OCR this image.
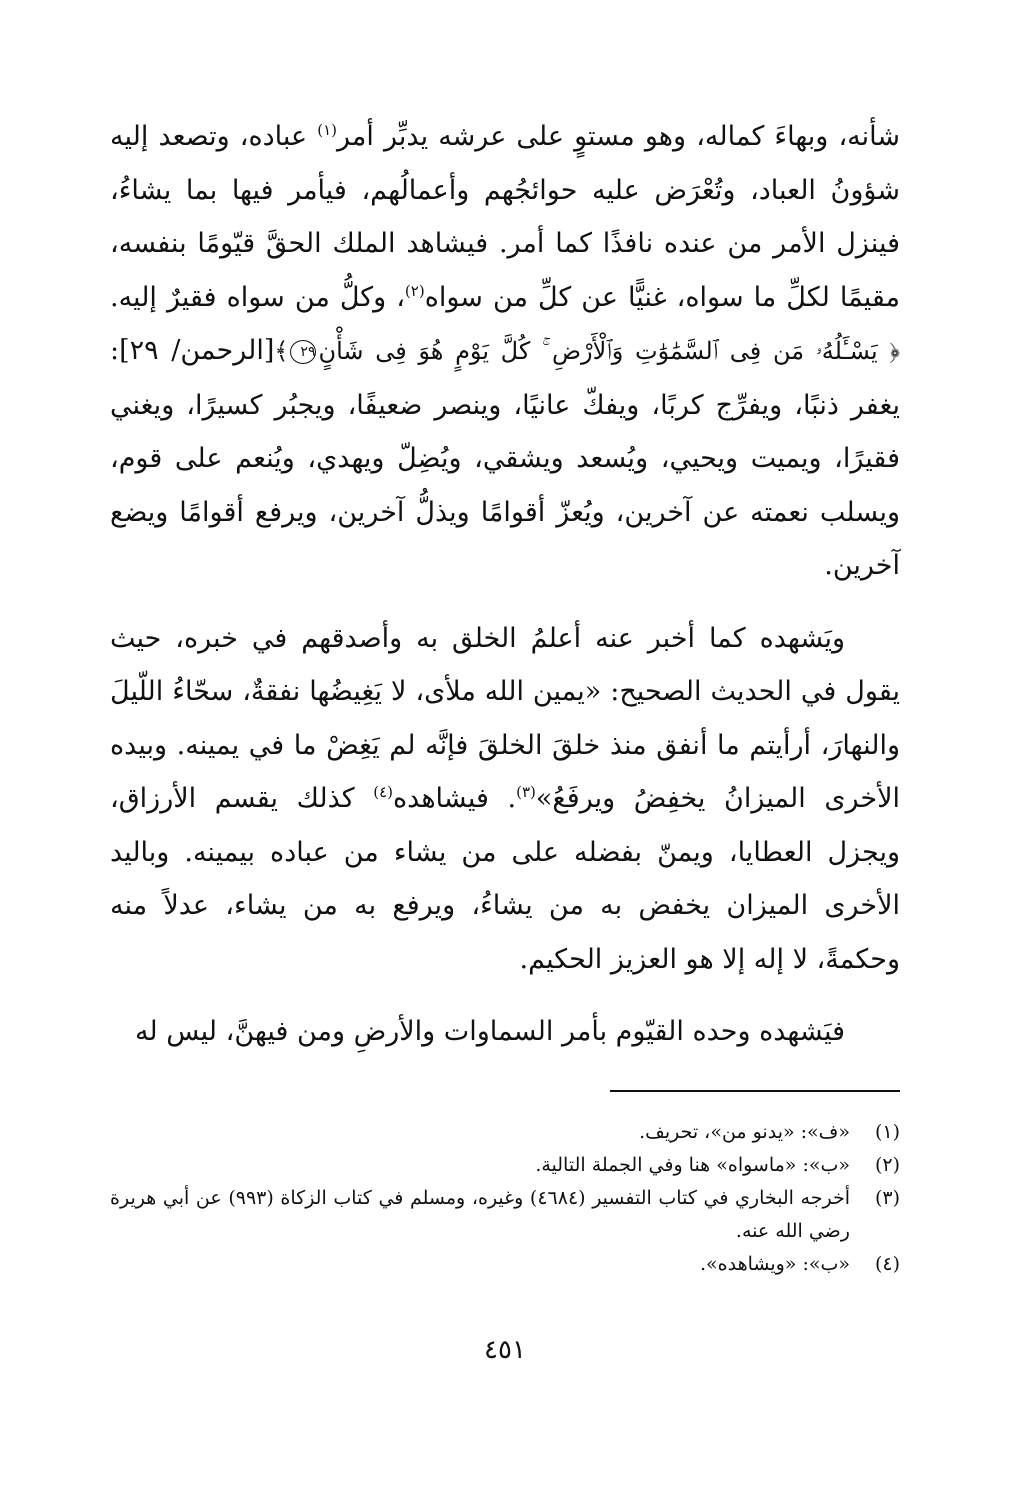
شأنه، وبهاءَ كماله، وهو مستوٍ على عرشه يدبِّر أمر$^{(١)}$ عباده، وتصعد إليه شؤونُ العباد، وتُعْرَض عليه حوائجُهم وأعمالُهم، فيأمر فيها بما يشاءُ، فينزل الأمر من عنده نافذًا كما أمر. فيشاهد الملك الحقَّ قيّومًا بنفسه، مقيمًا لكلِّ ما سواه، غنيًّا عن كلِّ من سواه$^{(٢)}$، وكلُّ من سواه فقيرٌ إليه. ﴿ يَسْـَٔلُهُۥ مَن فِى ٱلسَّمَٰوَٰتِ وَٱلْأَرْضِ ۚ كُلَّ يَوْمٍ هُوَ فِى شَأْنٍ٢٩﴾[الرحمن/ ٢٩]: يغفر ذنبًا، ويفرِّج كربًا، ويفكّ عانيًا، وينصر ضعيفًا، ويجبُر كسيرًا، ويغني فقيرًا، ويميت ويحيي، ويُسعد ويشقي، ويُضِلّ ويهدي، ويُنعم على قوم، ويسلب نعمته عن آخرين، ويُعزّ أقوامًا ويذلُّ آخرين، ويرفع أقوامًا ويضع آخرين.

ويَشهده كما أخبر عنه أعلمُ الخلق به وأصدقهم في خبره، حيث يقول في الحديث الصحيح: «يمين الله ملأى، لا يَغِيضُها نفقةٌ، سحّاءُ اللّيلَ والنهارَ، أرأيتم ما أنفق منذ خلقَ الخلقَ فإنَّه لم يَغِضْ ما في يمينه. وبيده الأخرى الميزانُ يخفِضُ ويرفَعُ»$^{(٣)}$. فيشاهده$^{(٤)}$ كذلك يقسم الأرزاق، ويجزل العطايا، ويمنّ بفضله على من يشاء من عباده بيمينه. وباليد الأخرى الميزان يخفض به من يشاءُ، ويرفع به من يشاء، عدلاً منه وحكمةً، لا إله إلا هو العزيز الحكيم.

فيَشهده وحده القيّوم بأمر السماوات والأرضِ ومن فيهنَّ، ليس له

(١)
«ف»: «يدنو من»، تحريف.
(٢)
«ب»: «ماسواه» هنا وفي الجملة التالية.
(٣)
أخرجه البخاري في كتاب التفسير (٤٦٨٤) وغيره، ومسلم في كتاب الزكاة (٩٩٣) عن أبي هريرة رضي الله عنه.
(٤)
«ب»: «ويشاهده».
٤٥١
